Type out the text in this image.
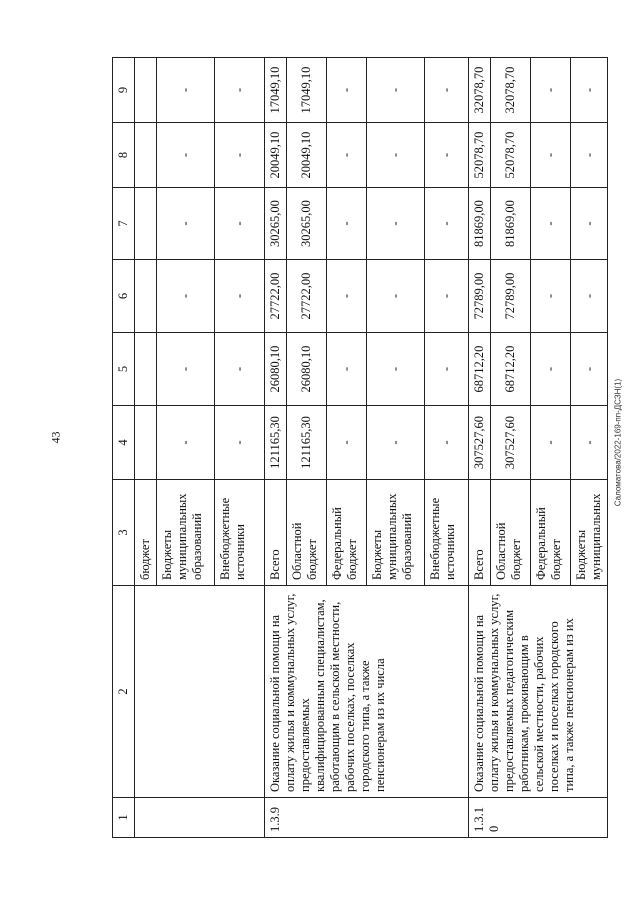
43	Саломатова/2022-169-пп-ДСЗН(1)
1	2	3	4	5	6	7	8	9
		бюджет						
		Бюджеты муниципальных образований	-	-	-	-	-	-
		Внебюджетные источники	-	-	-	-	-	-
1.3.9	Оказание социальной помощи на оплату жилья и коммунальных услуг, предоставляемых квалифицированным специалистам, работающим в сельской местности, рабочих поселках, поселках городского типа, а также пенсионерам из их числа	Всего	121165,30	26080,10	27722,00	30265,00	20049,10	17049,10
		Областной бюджет	121165,30	26080,10	27722,00	30265,00	20049,10	17049,10
		Федеральный бюджет	-	-	-	-	-	-
		Бюджеты муниципальных образований	-	-	-	-	-	-
		Внебюджетные источники	-	-	-	-	-	-
1.3.10	Оказание социальной помощи на оплату жилья и коммунальных услуг, предоставляемых педагогическим работникам, проживающим в сельской местности, рабочих поселках и поселках городского типа, а также пенсионерам из их	Всего	307527,60	68712,20	72789,00	81869,00	52078,70	32078,70
		Областной бюджет	307527,60	68712,20	72789,00	81869,00	52078,70	32078,70
		Федеральный бюджет	-	-	-	-	-	-
		Бюджеты муниципальных	-	-	-	-	-	-
